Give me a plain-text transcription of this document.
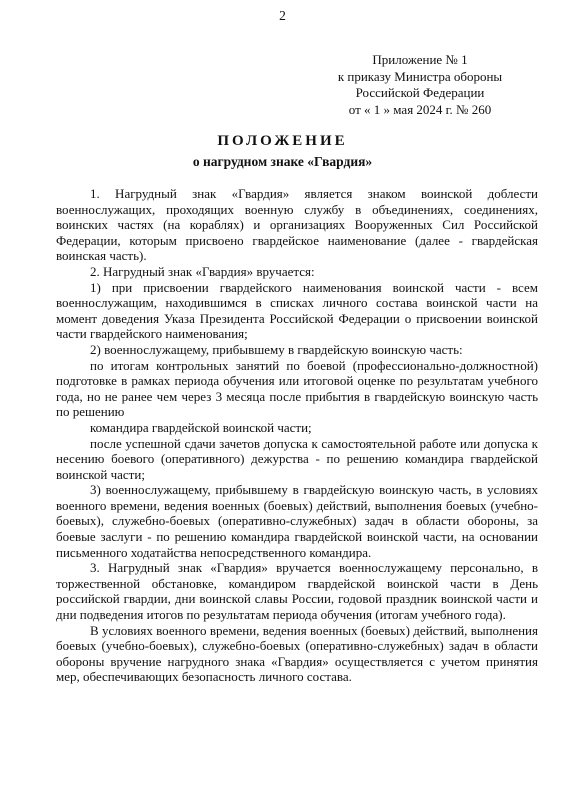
2
Приложение № 1
к приказу Министра обороны
Российской Федерации
от « 1 » мая 2024 г. № 260
ПОЛОЖЕНИЕ
о нагрудном знаке «Гвардия»

1. Нагрудный знак «Гвардия» является знаком воинской доблести военнослужащих, проходящих военную службу в объединениях, соединениях, воинских частях (на кораблях) и организациях Вооруженных Сил Российской Федерации, которым присвоено гвардейское наименование (далее - гвардейская воинская часть).

2. Нагрудный знак «Гвардия» вручается:

1) при присвоении гвардейского наименования воинской части - всем военнослужащим, находившимся в списках личного состава воинской части на момент доведения Указа Президента Российской Федерации о присвоении воинской части гвардейского наименования;

2) военнослужащему, прибывшему в гвардейскую воинскую часть:

по итогам контрольных занятий по боевой (профессионально-должностной) подготовке в рамках периода обучения или итоговой оценке по результатам учебного года, но не ранее чем через 3 месяца после прибытия в гвардейскую воинскую часть по решению

командира гвардейской воинской части;

после успешной сдачи зачетов допуска к самостоятельной работе или допуска к несению боевого (оперативного) дежурства - по решению командира гвардейской воинской части;

3) военнослужащему, прибывшему в гвардейскую воинскую часть, в условиях военного времени, ведения военных (боевых) действий, выполнения боевых (учебно-боевых), служебно-боевых (оперативно-служебных) задач в области обороны, за боевые заслуги - по решению командира гвардейской воинской части, на основании письменного ходатайства непосредственного командира.

3. Нагрудный знак «Гвардия» вручается военнослужащему персонально, в торжественной обстановке, командиром гвардейской воинской части в День российской гвардии, дни воинской славы России, годовой праздник воинской части и дни подведения итогов по результатам периода обучения (итогам учебного года).

В условиях военного времени, ведения военных (боевых) действий, выполнения боевых (учебно-боевых), служебно-боевых (оперативно-служебных) задач в области обороны вручение нагрудного знака «Гвардия» осуществляется с учетом принятия мер, обеспечивающих безопасность личного состава.
